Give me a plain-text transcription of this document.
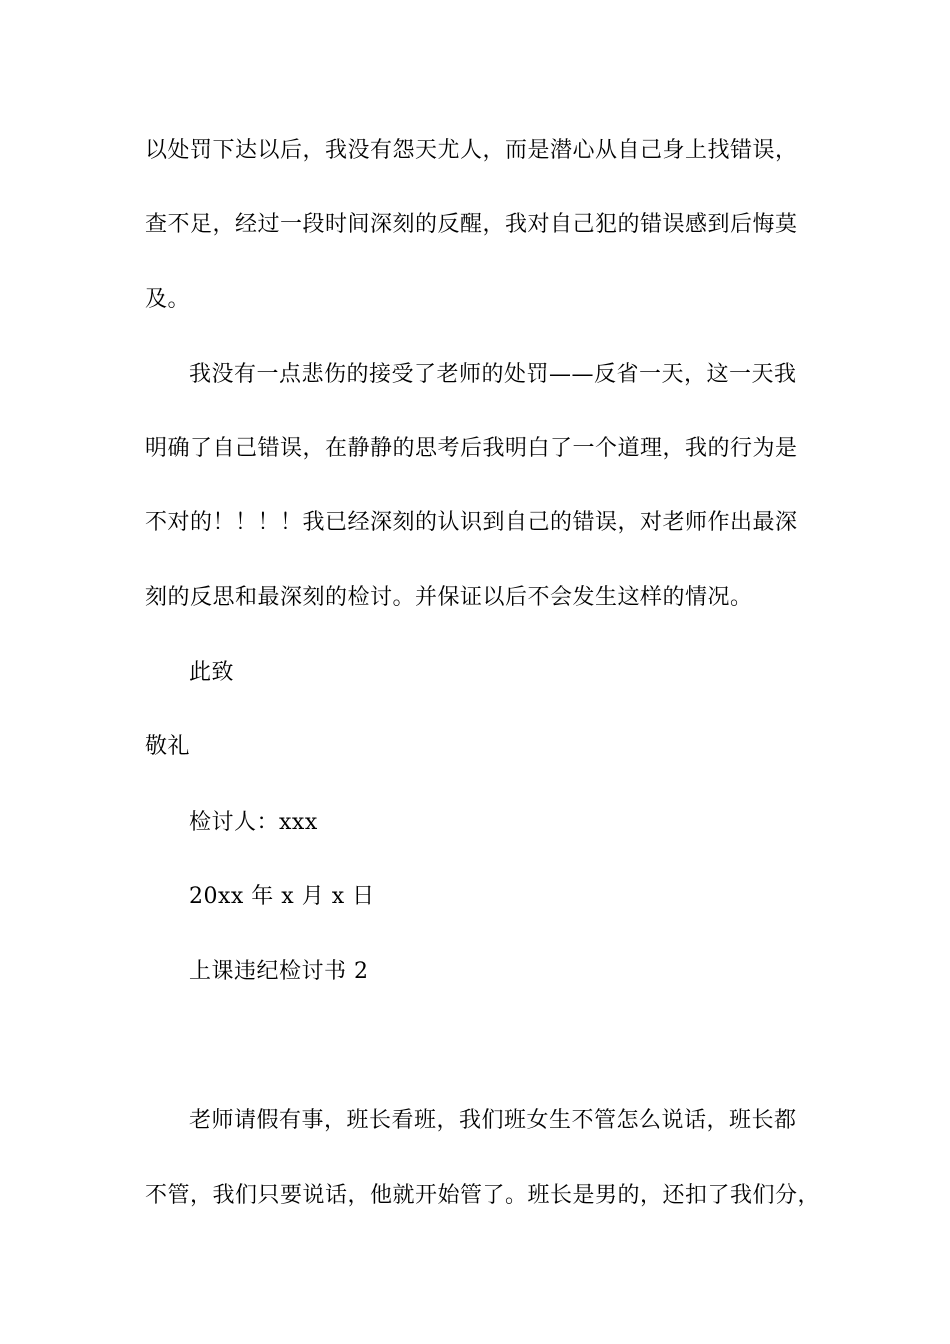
以处罚下达以后，我没有怨天尤人，而是潜心从自己身上找错误，
查不足，经过一段时间深刻的反醒，我对自己犯的错误感到后悔莫
及。
我没有一点悲伤的接受了老师的处罚——反省一天，这一天我
明确了自己错误，在静静的思考后我明白了一个道理，我的行为是
不对的！！！！我已经深刻的认识到自己的错误，对老师作出最深
刻的反思和最深刻的检讨。并保证以后不会发生这样的情况。
此致
敬礼
检讨人：xxx
20xx 年 x 月 x 日
上课违纪检讨书 2
老师请假有事，班长看班，我们班女生不管怎么说话，班长都
不管，我们只要说话，他就开始管了。班长是男的，还扣了我们分，
